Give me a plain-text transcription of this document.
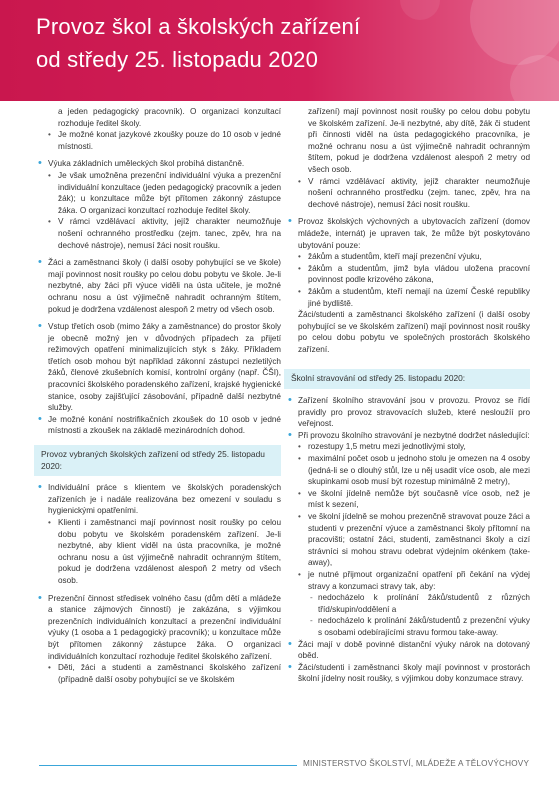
Provoz škol a školských zařízení
od středy 25. listopadu 2020
a jeden pedagogický pracovník). O organizaci konzultací rozhoduje ředitel školy.
• Je možné konat jazykové zkoušky pouze do 10 osob v jedné místnosti.
• Výuka základních uměleckých škol probíhá distančně.
• Je však umožněna prezenční individuální výuka a prezenční individuální konzultace (jeden pedagogický pracovník a jeden žák); u konzultace může být přítomen zákonný zástupce žáka. O organizaci konzultací rozhoduje ředitel školy.
• V rámci vzdělávací aktivity, jejíž charakter neumožňuje nošení ochranného prostředku (zejm. tanec, zpěv, hra na dechové nástroje), nemusí žáci nosit roušku.
• Žáci a zaměstnanci školy (i další osoby pohybující se ve škole) mají povinnost nosit roušky po celou dobu pobytu ve škole. Je-li nezbytné, aby žáci při výuce viděli na ústa učitele, je možné ochranu nosu a úst výjimečně nahradit ochranným štítem, pokud je dodržena vzdálenost alespoň 2 metry od všech osob.
• Vstup třetích osob (mimo žáky a zaměstnance) do prostor školy je obecně možný jen v důvodných případech za přijetí režimových opatření minimalizujících styk s žáky. Příkladem třetích osob mohou být například zákonní zástupci nezletilých žáků, členové zkušebních komisí, kontrolní orgány (např. ČŠI), pracovníci školského poradenského zařízení, krajské hygienické stanice, osoby zajišťující zásobování, případně další nezbytné služby.
• Je možné konání nostrifikačních zkoušek do 10 osob v jedné místnosti a zkoušek na základě mezinárodních dohod.
Provoz vybraných školských zařízení od středy 25. listopadu 2020:
• Individuální práce s klientem ve školských poradenských zařízeních je i nadále realizována bez omezení v souladu s hygienickými opatřeními.
• Klienti i zaměstnanci mají povinnost nosit roušky po celou dobu pobytu ve školském poradenském zařízení. Je-li nezbytné, aby klient viděl na ústa pracovníka, je možné ochranu nosu a úst výjimečně nahradit ochranným štítem, pokud je dodržena vzdálenost alespoň 2 metry od všech osob.
• Prezenční činnost středisek volného času (dům dětí a mládeže a stanice zájmových činností) je zakázána, s výjimkou prezenčních individuálních konzultací a prezenční individuální výuky (1 osoba a 1 pedagogický pracovník); u konzultace může být přítomen zákonný zástupce žáka. O organizaci individuálních konzultací rozhoduje ředitel školského zařízení.
• Děti, žáci a studenti a zaměstnanci školského zařízení (případně další osoby pohybující se ve školském
zařízení) mají povinnost nosit roušky po celou dobu pobytu ve školském zařízení. Je-li nezbytné, aby dítě, žák či student při činnosti viděl na ústa pedagogického pracovníka, je možné ochranu nosu a úst výjimečně nahradit ochranným štítem, pokud je dodržena vzdálenost alespoň 2 metry od všech osob.
• V rámci vzdělávací aktivity, jejíž charakter neumožňuje nošení ochranného prostředku (zejm. tanec, zpěv, hra na dechové nástroje), nemusí žáci nosit roušku.
• Provoz školských výchovných a ubytovacích zařízení (domov mládeže, internát) je upraven tak, že může být poskytováno ubytování pouze:
• žákům a studentům, kteří mají prezenční výuku,
• žákům a studentům, jimž byla vládou uložena pracovní povinnost podle krizového zákona,
• žákům a studentům, kteří nemají na území České republiky jiné bydliště.
Žáci/studenti a zaměstnanci školského zařízení (i další osoby pohybující se ve školském zařízení) mají povinnost nosit roušky po celou dobu pobytu ve společných prostorách školského zařízení.
Školní stravování od středy 25. listopadu 2020:
• Zařízení školního stravování jsou v provozu. Provoz se řídí pravidly pro provoz stravovacích služeb, které nesloužíí pro veřejnost.
• Při provozu školního stravování je nezbytné dodržet následující:
• rozestupy 1,5 metru mezi jednotlivými stoly,
• maximální počet osob u jednoho stolu je omezen na 4 osoby (jedná-li se o dlouhý stůl, lze u něj usadit více osob, ale mezi skupinkami osob musí být rozestup minimálně 2 metry),
• ve školní jídelně nemůže být současně více osob, než je míst k sezení,
• ve školní jídelně se mohou prezenčně stravovat pouze žáci a studenti v prezenční výuce a zaměstnanci školy přítomní na pracovišti; ostatní žáci, studenti, zaměstnanci školy a cizí strávníci si mohou stravu odebrat výdejním okénkem (take-away),
• je nutné přijmout organizační opatření při čekání na výdej stravy a konzumaci stravy tak, aby:
- nedocházelo k prolínání žáků/studentů z různých tříd/skupin/oddělení a
- nedocházelo k prolínání žáků/studentů z prezenční výuky s osobami odebírajícími stravu formou take-away.
• Žáci mají v době povinné distanční výuky nárok na dotovaný oběd.
• Žáci/studenti i zaměstnanci školy mají povinnost v prostorách školní jídelny nosit roušky, s výjimkou doby konzumace stravy.
MINISTERSTVO ŠKOLSTVÍ, MLÁDEŽE A TĚLOVÝCHOVY
